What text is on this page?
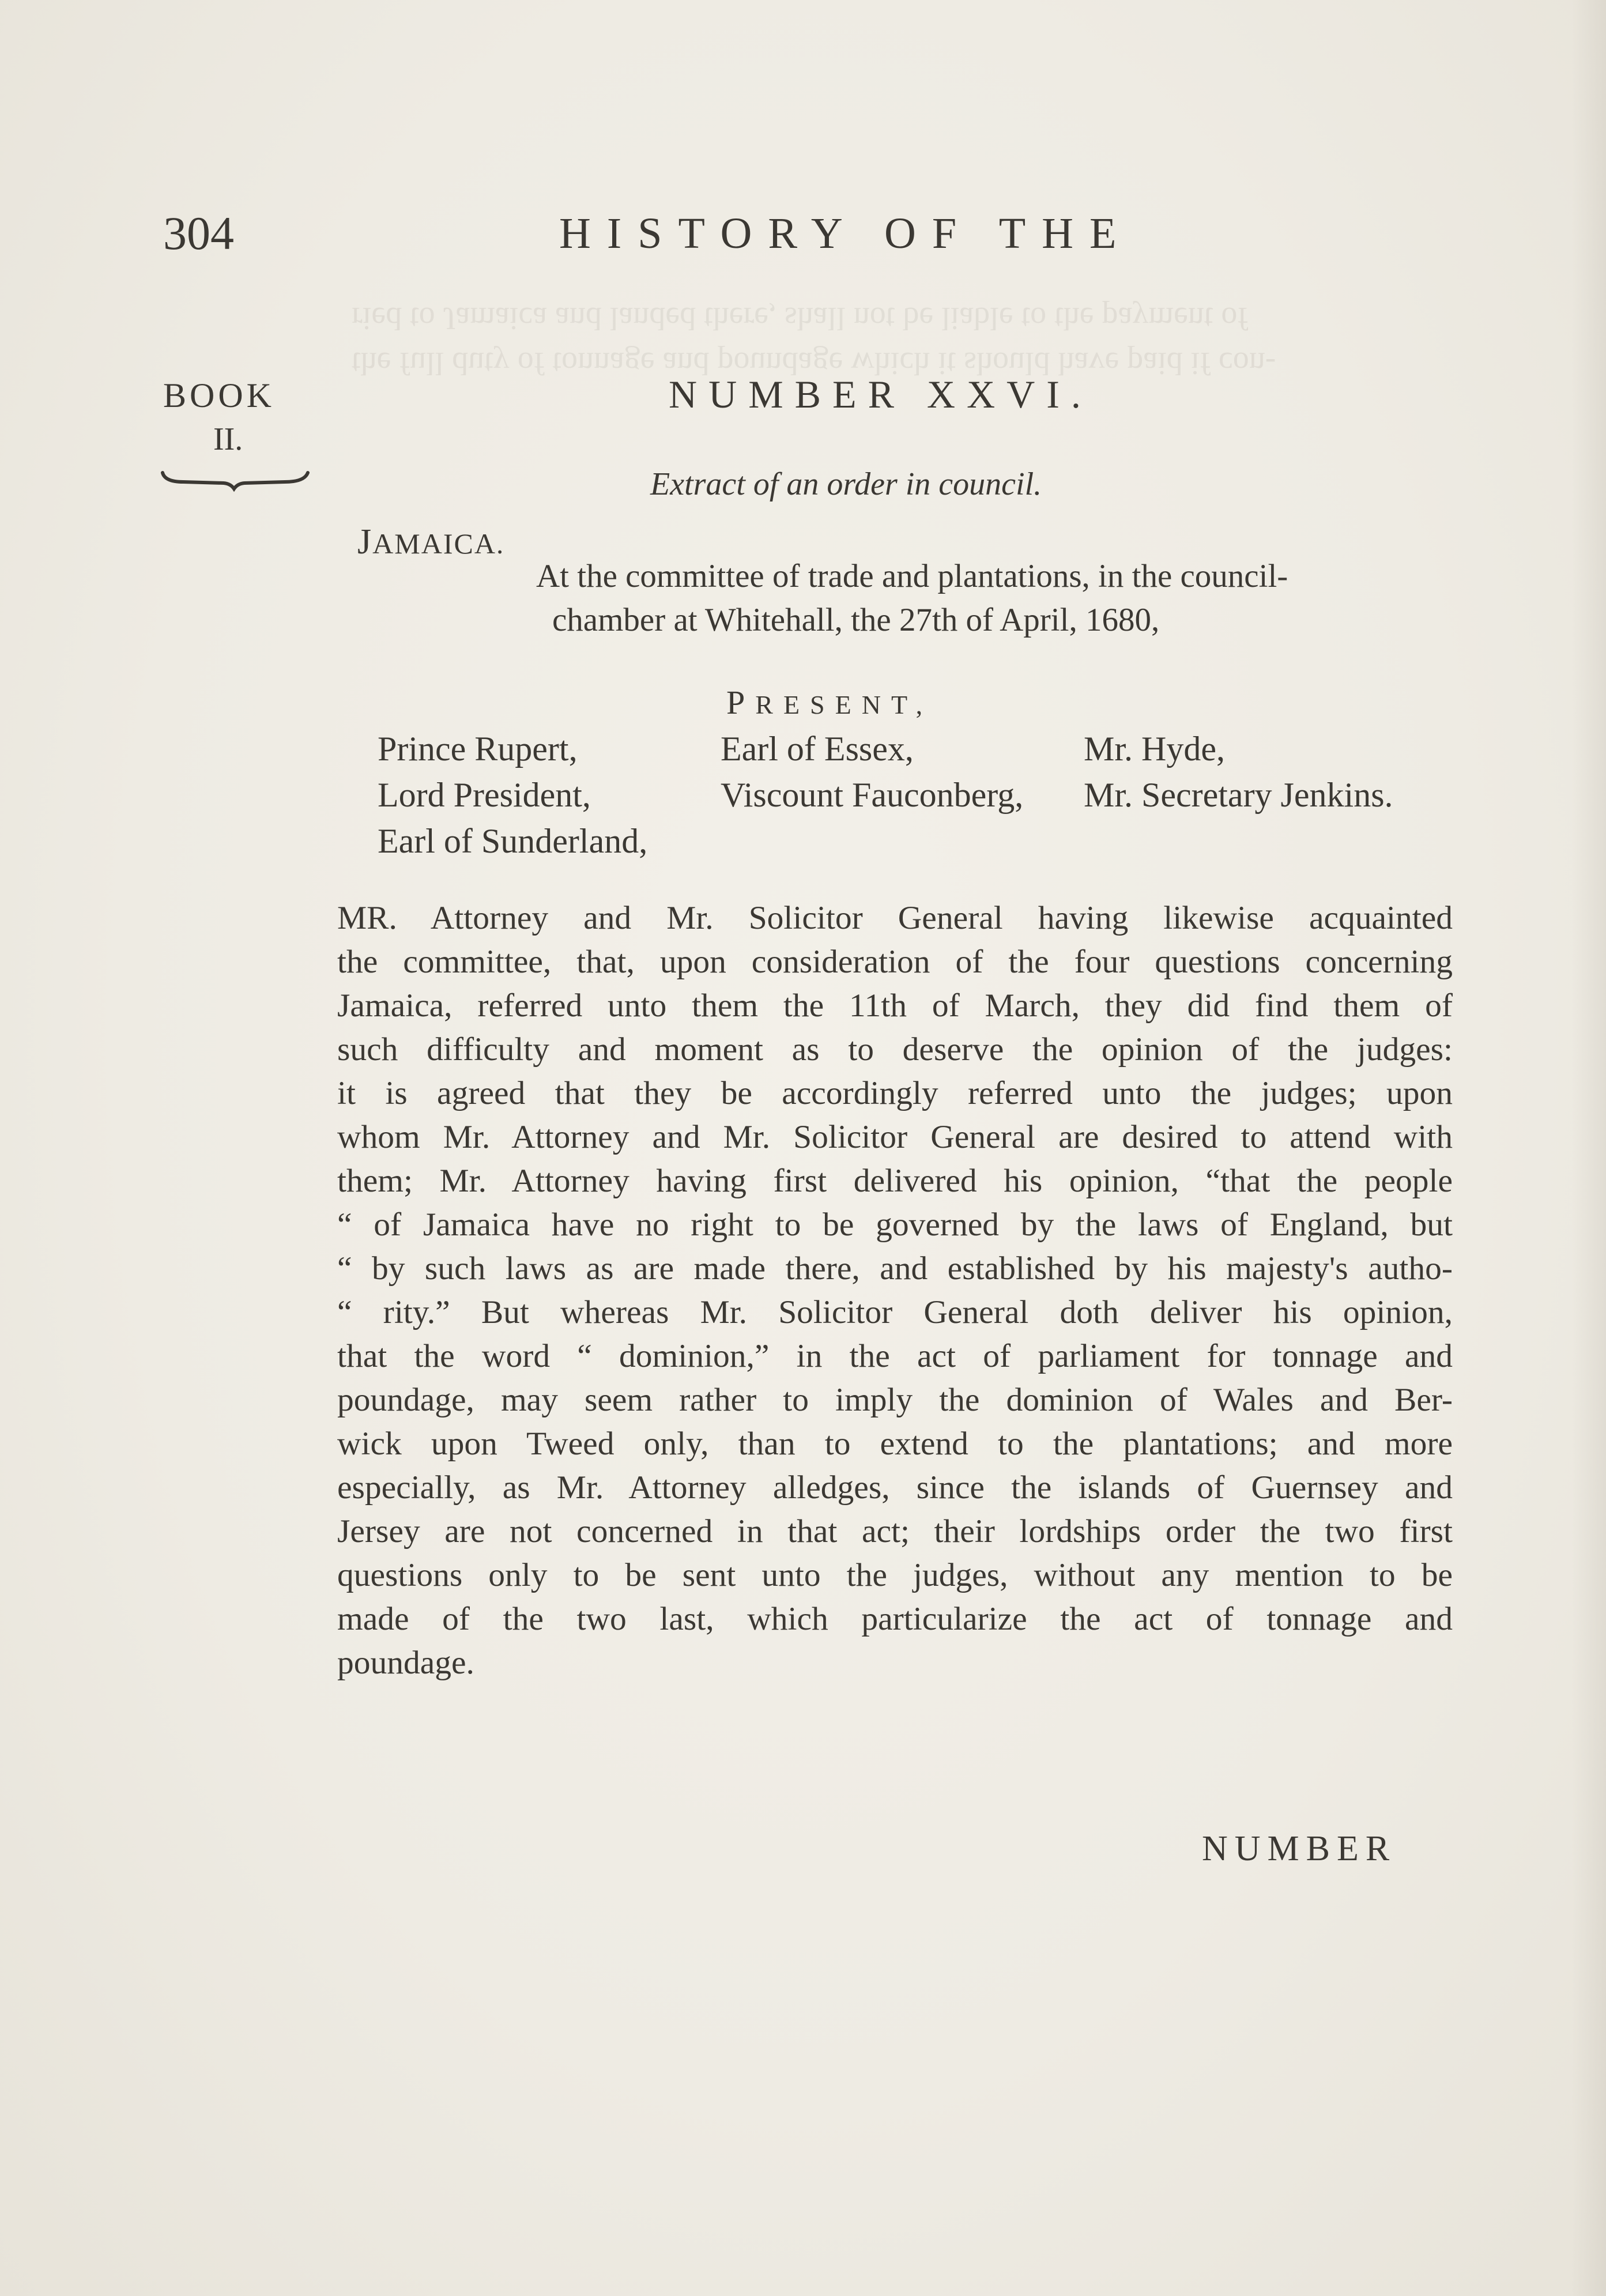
ried to Jamaica and landed there, shall not be liable to the payment of
the full duty of tonnage and poundage which it should have paid if con-
304	HISTORY OF THE
BOOK
II.
NUMBER XXVI.
Extract of an order in council.
JAMAICA.
At the committee of trade and plantations, in the council-
chamber at Whitehall, the 27th of April, 1680,
PRESENT,
Prince Rupert,
Lord President,
Earl of Sunderland,
Earl of Essex,
Viscount Fauconberg,
Mr. Hyde,
Mr. Secretary Jenkins.
MR. Attorney and Mr. Solicitor General having likewise acquainted
the committee, that, upon consideration of the four questions concerning
Jamaica, referred unto them the 11th of March, they did find them of
such difficulty and moment as to deserve the opinion of the judges:
it is agreed that they be accordingly referred unto the judges; upon
whom Mr. Attorney and Mr. Solicitor General are desired to attend with
them; Mr. Attorney having first delivered his opinion, “that the people
“ of Jamaica have no right to be governed by the laws of England, but
“ by such laws as are made there, and established by his majesty's autho-
“ rity.” But whereas Mr. Solicitor General doth deliver his opinion,
that the word “ dominion,” in the act of parliament for tonnage and
poundage, may seem rather to imply the dominion of Wales and Ber-
wick upon Tweed only, than to extend to the plantations; and more
especially, as Mr. Attorney alledges, since the islands of Guernsey and
Jersey are not concerned in that act; their lordships order the two first
questions only to be sent unto the judges, without any mention to be
made of the two last, which particularize the act of tonnage and
poundage.
NUMBER
